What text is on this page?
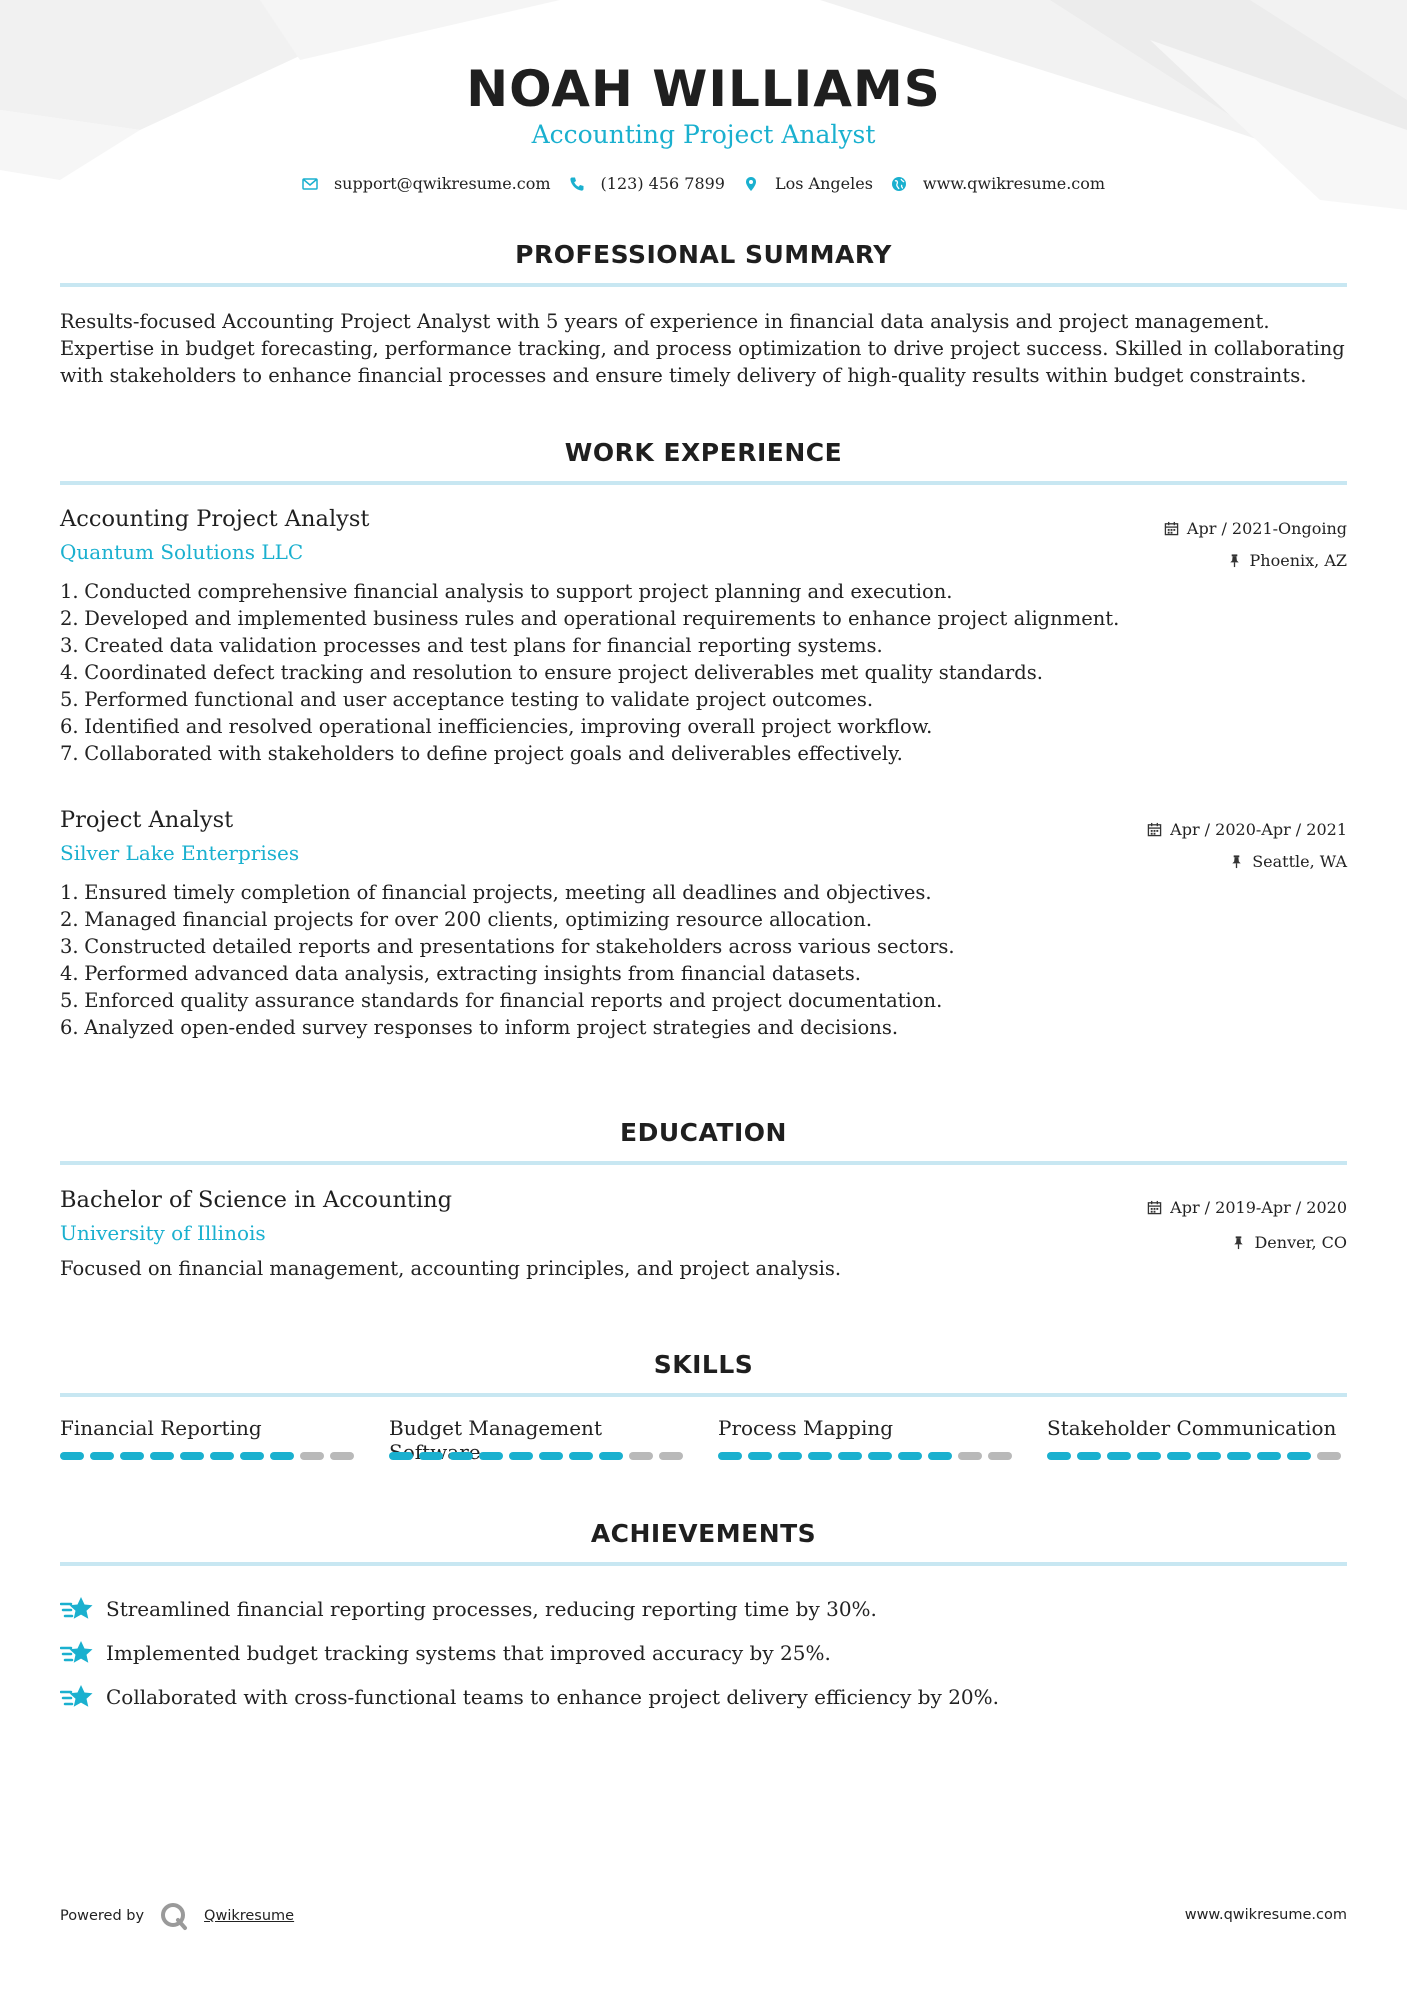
NOAH WILLIAMS
Accounting Project Analyst
support@qwikresume.com	(123) 456 7899	Los Angeles	www.qwikresume.com
PROFESSIONAL SUMMARY
Results-focused Accounting Project Analyst with 5 years of experience in financial data analysis and project management. Expertise in budget forecasting, performance tracking, and process optimization to drive project success. Skilled in collaborating with stakeholders to enhance financial processes and ensure timely delivery of high-quality results within budget constraints.
WORK EXPERIENCE
Accounting Project Analyst
Quantum Solutions LLC
Apr / 2021-Ongoing
Phoenix, AZ
1. Conducted comprehensive financial analysis to support project planning and execution.
2. Developed and implemented business rules and operational requirements to enhance project alignment.
3. Created data validation processes and test plans for financial reporting systems.
4. Coordinated defect tracking and resolution to ensure project deliverables met quality standards.
5. Performed functional and user acceptance testing to validate project outcomes.
6. Identified and resolved operational inefficiencies, improving overall project workflow.
7. Collaborated with stakeholders to define project goals and deliverables effectively.
Project Analyst
Silver Lake Enterprises
Apr / 2020-Apr / 2021
Seattle, WA
1. Ensured timely completion of financial projects, meeting all deadlines and objectives.
2. Managed financial projects for over 200 clients, optimizing resource allocation.
3. Constructed detailed reports and presentations for stakeholders across various sectors.
4. Performed advanced data analysis, extracting insights from financial datasets.
5. Enforced quality assurance standards for financial reports and project documentation.
6. Analyzed open-ended survey responses to inform project strategies and decisions.
EDUCATION
Bachelor of Science in Accounting
University of Illinois
Apr / 2019-Apr / 2020
Denver, CO
Focused on financial management, accounting principles, and project analysis.
SKILLS
Financial Reporting	Budget Management	Process Mapping	Stakeholder Communication
ACHIEVEMENTS
Streamlined financial reporting processes, reducing reporting time by 30%.
Implemented budget tracking systems that improved accuracy by 25%.
Collaborated with cross-functional teams to enhance project delivery efficiency by 20%.
Powered by	Qwikresume	www.qwikresume.com
